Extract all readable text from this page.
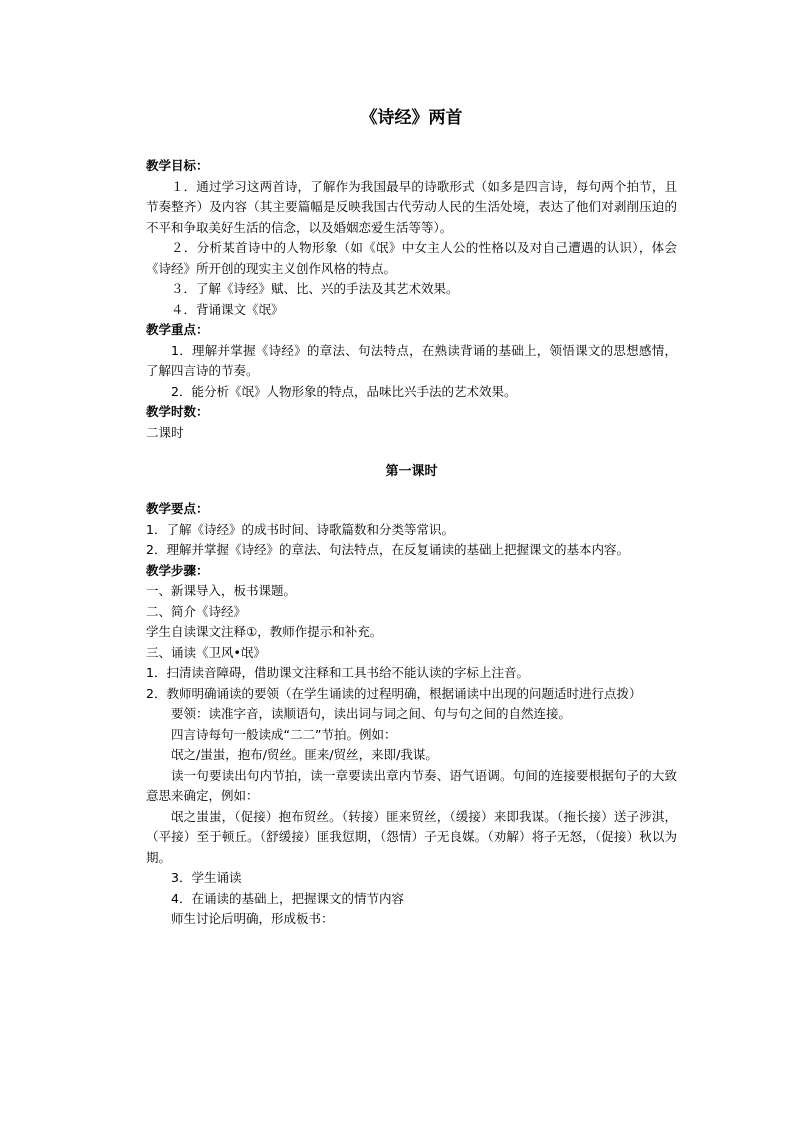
《诗经》两首

教学目标：

１．通过学习这两首诗，了解作为我国最早的诗歌形式（如多是四言诗，每句两个拍节，且节奏整齐）及内容（其主要篇幅是反映我国古代劳动人民的生活处境，表达了他们对剥削压迫的不平和争取美好生活的信念，以及婚姻恋爱生活等等）。

２．分析某首诗中的人物形象（如《氓》中女主人公的性格以及对自己遭遇的认识），体会《诗经》所开创的现实主义创作风格的特点。

３．了解《诗经》赋、比、兴的手法及其艺术效果。

４．背诵课文《氓》

教学重点：

1．理解并掌握《诗经》的章法、句法特点，在熟读背诵的基础上，领悟课文的思想感情，了解四言诗的节奏。

2．能分析《氓》人物形象的特点，品味比兴手法的艺术效果。

教学时数：

二课时

第一课时

教学要点：

1．了解《诗经》的成书时间、诗歌篇数和分类等常识。

2．理解并掌握《诗经》的章法、句法特点，在反复诵读的基础上把握课文的基本内容。

教学步骤：

一、新课导入，板书课题。

二、简介《诗经》

学生自读课文注释①，教师作提示和补充。

三、诵读《卫风•氓》

1．扫清读音障碍，借助课文注释和工具书给不能认读的字标上注音。

2．教师明确诵读的要领（在学生诵读的过程明确，根据诵读中出现的问题适时进行点拨）

要领：读准字音，读顺语句，读出词与词之间、句与句之间的自然连接。

四言诗每句一般读成“二二”节拍。例如：

氓之/蚩蚩，抱布/贸丝。匪来/贸丝，来即/我谋。

读一句要读出句内节拍，读一章要读出章内节奏、语气语调。句间的连接要根据句子的大致意思来确定，例如：

氓之蚩蚩，（促接）抱布贸丝。（转接）匪来贸丝，（缓接）来即我谋。（拖长接）送子涉淇，（平接）至于顿丘。（舒缓接）匪我愆期，（怨情）子无良媒。（劝解）将子无怒，（促接）秋以为期。

3．学生诵读

4．在诵读的基础上，把握课文的情节内容

师生讨论后明确，形成板书：
